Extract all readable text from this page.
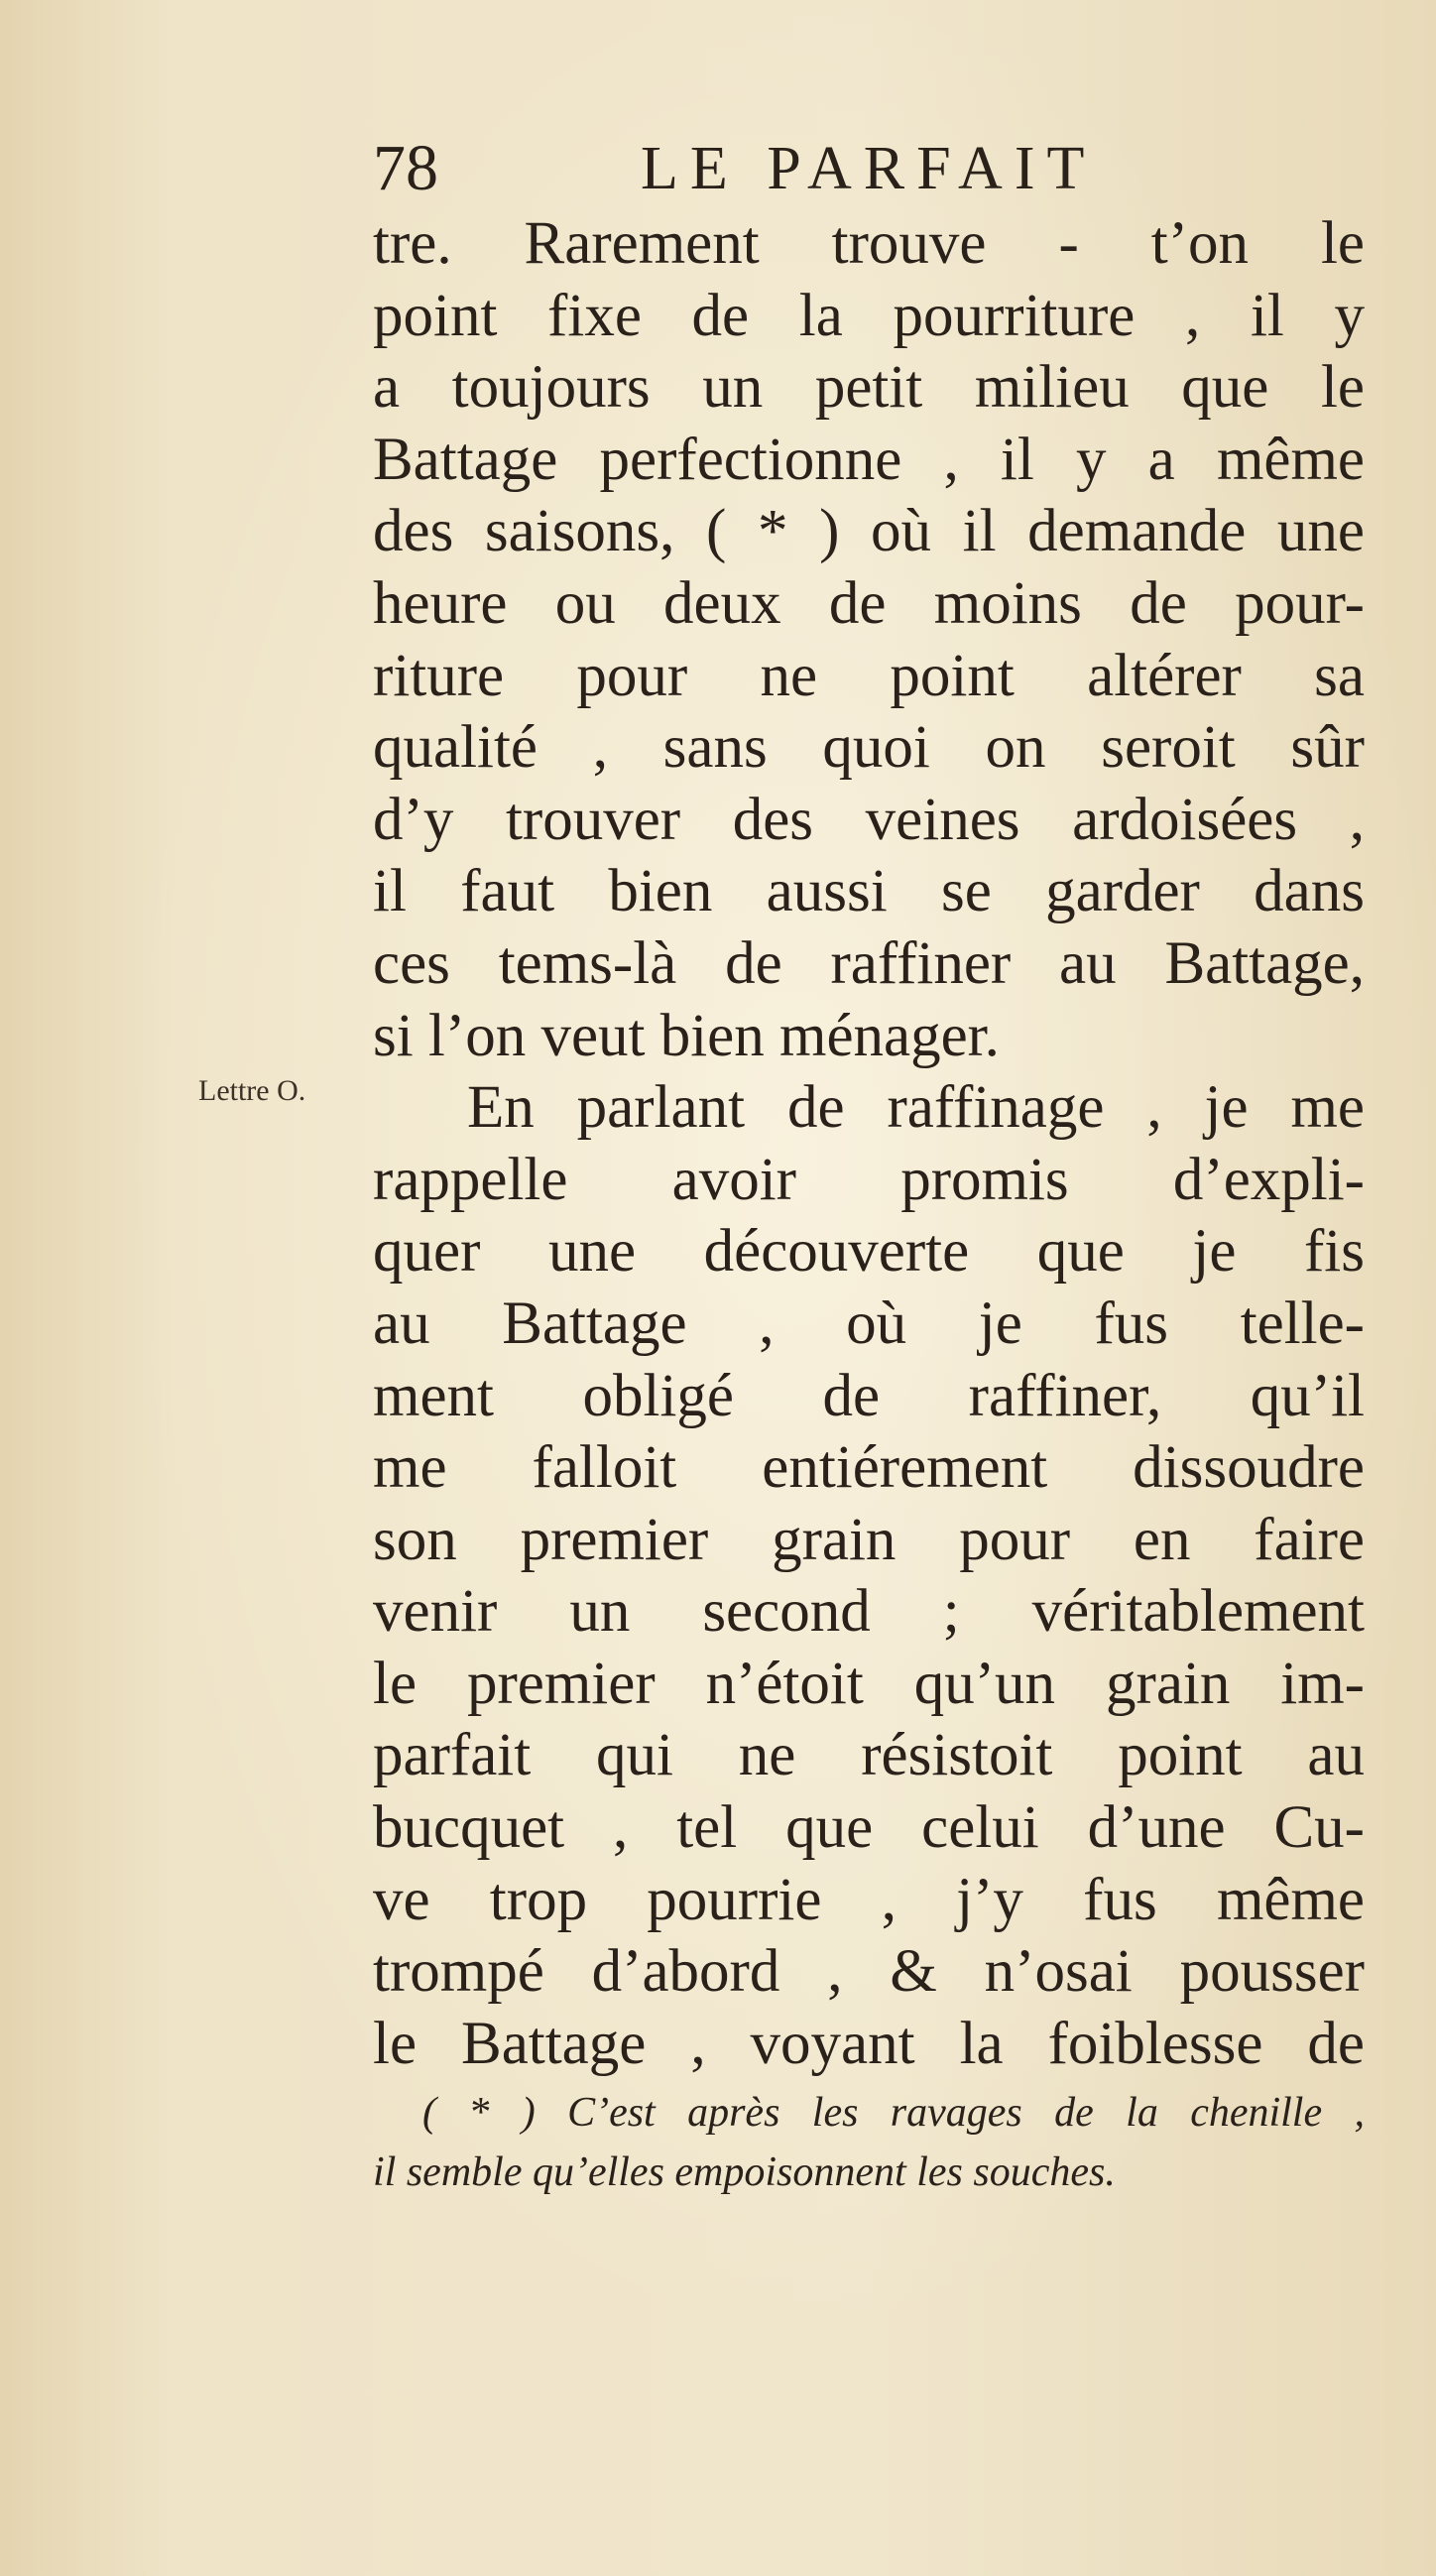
78	LE PARFAIT
Lettre O.
tre. Rarement trouve - t’on le
point fixe de la pourriture , il y
a toujours un petit milieu que le
Battage perfectionne , il y a même
des saisons, ( * ) où il demande une
heure ou deux de moins de pour-
riture pour ne point altérer sa
qualité , sans quoi on seroit sûr
d’y trouver des veines ardoisées ,
il faut bien aussi se garder dans
ces tems-là de raffiner au Battage,
si l’on veut bien ménager.
En parlant de raffinage , je me
rappelle avoir promis d’expli-
quer une découverte que je fis
au Battage , où je fus telle-
ment obligé de raffiner, qu’il
me falloit entiérement dissoudre
son premier grain pour en faire
venir un second ; véritablement
le premier n’étoit qu’un grain im-
parfait qui ne résistoit point au
bucquet , tel que celui d’une Cu-
ve trop pourrie , j’y fus même
trompé d’abord , & n’osai pousser
le Battage , voyant la foiblesse de
( * ) C’est après les ravages de la chenille ,
il semble qu’elles empoisonnent les souches.
